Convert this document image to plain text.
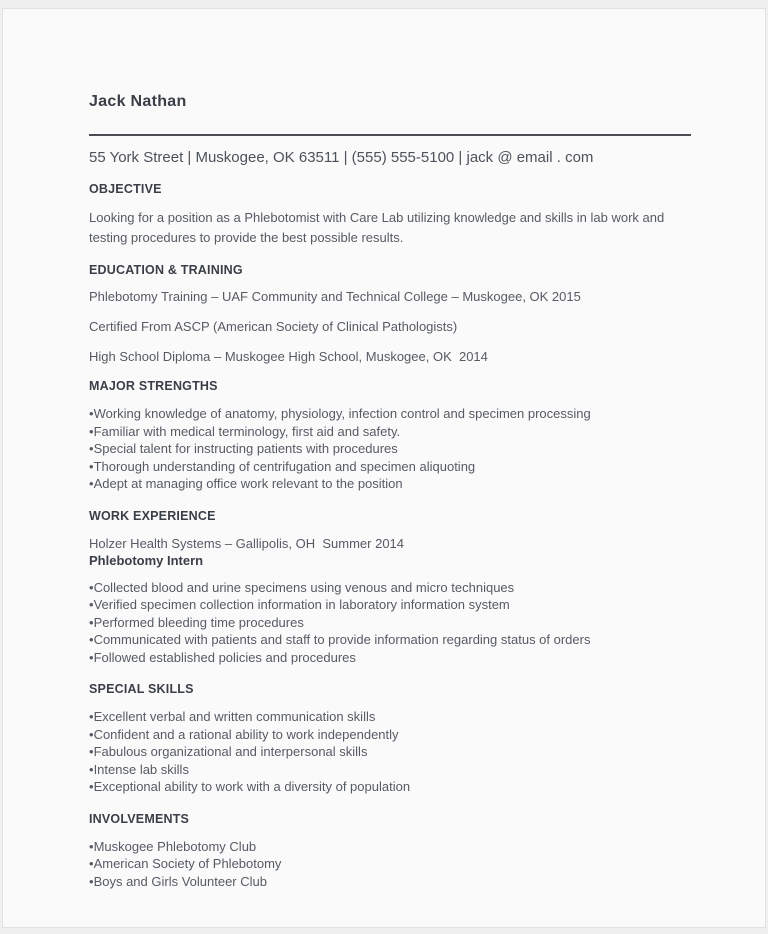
Jack Nathan
55 York Street | Muskogee, OK 63511 | (555) 555-5100 | jack @ email . com
OBJECTIVE

Looking for a position as a Phlebotomist with Care Lab utilizing knowledge and skills in lab work and testing procedures to provide the best possible results.

EDUCATION & TRAINING

Phlebotomy Training – UAF Community and Technical College – Muskogee, OK 2015

Certified From ASCP (American Society of Clinical Pathologists)

High School Diploma – Muskogee High School, Muskogee, OK  2014

MAJOR STRENGTHS
• Working knowledge of anatomy, physiology, infection control and specimen processing
• Familiar with medical terminology, first aid and safety.
• Special talent for instructing patients with procedures
• Thorough understanding of centrifugation and specimen aliquoting
• Adept at managing office work relevant to the position
WORK EXPERIENCE
Holzer Health Systems – Gallipolis, OH  Summer 2014
Phlebotomy Intern
• Collected blood and urine specimens using venous and micro techniques
• Verified specimen collection information in laboratory information system
• Performed bleeding time procedures
• Communicated with patients and staff to provide information regarding status of orders
• Followed established policies and procedures
SPECIAL SKILLS
• Excellent verbal and written communication skills
• Confident and a rational ability to work independently
• Fabulous organizational and interpersonal skills
• Intense lab skills
• Exceptional ability to work with a diversity of population
INVOLVEMENTS
• Muskogee Phlebotomy Club
• American Society of Phlebotomy
• Boys and Girls Volunteer Club
